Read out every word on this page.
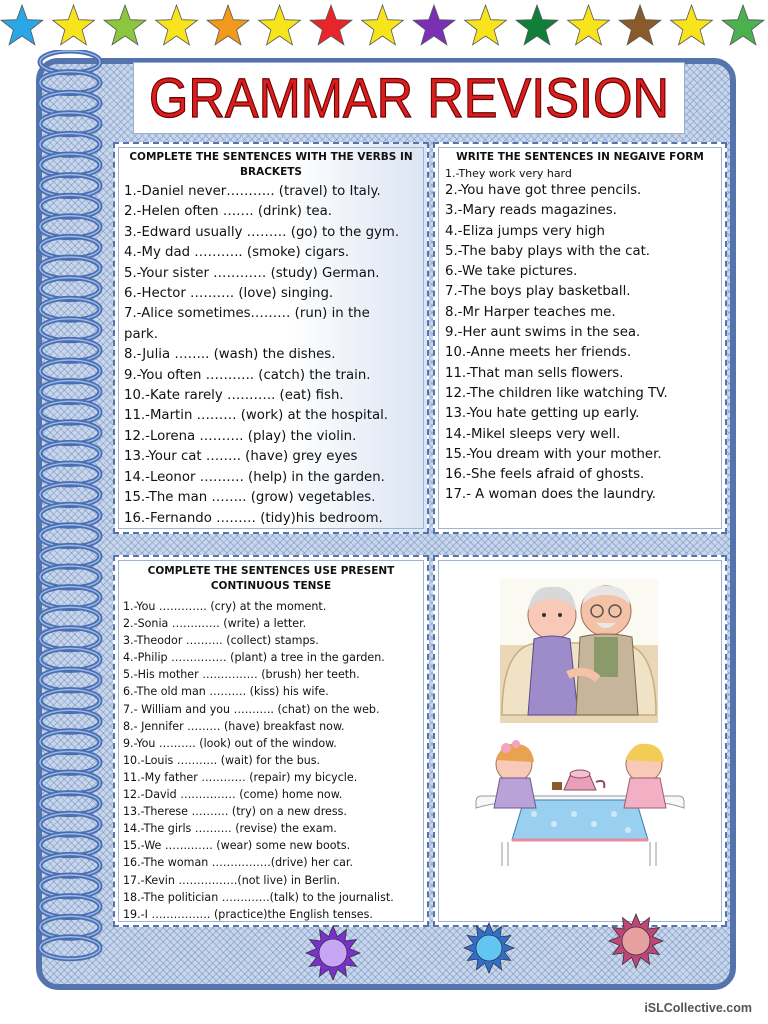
GRAMMAR REVISION
COMPLETE THE SENTENCES WITH THE VERBS IN BRACKETS
1.-Daniel never……….. (travel) to Italy.
2.-Helen often ……. (drink) tea.
3.-Edward usually ……… (go) to the gym.
4.-My dad ……….. (smoke) cigars.
5.-Your sister ………… (study) German.
6.-Hector ………. (love) singing.
7.-Alice sometimes……… (run) in the park.
8.-Julia …….. (wash) the dishes.
9.-You often ……….. (catch) the train.
10.-Kate rarely ……….. (eat) fish.
11.-Martin ……… (work) at the hospital.
12.-Lorena ………. (play) the violin.
13.-Your cat …….. (have) grey eyes
14.-Leonor ………. (help) in the garden.
15.-The man …….. (grow) vegetables.
16.-Fernando ……… (tidy)his bedroom.
WRITE THE SENTENCES IN NEGAIVE FORM
1.-They work very hard
2.-You have got three pencils.
3.-Mary reads magazines.
4.-Eliza jumps very high
5.-The baby plays with the cat.
6.-We take pictures.
7.-The boys play basketball.
8.-Mr Harper teaches me.
9.-Her aunt swims in the sea.
10.-Anne meets her friends.
11.-That man sells flowers.
12.-The children like watching TV.
13.-You hate getting up early.
14.-Mikel sleeps very well.
15.-You dream with your mother.
16.-She feels afraid of ghosts.
17.- A woman does the laundry.
COMPLETE THE SENTENCES USE PRESENT CONTINUOUS TENSE
1.-You …………. (cry) at the moment.
2.-Sonia …………. (write) a letter.
3.-Theodor ………. (collect) stamps.
4.-Philip …………… (plant) a tree in the garden.
5.-His mother …………… (brush) her teeth.
6.-The old man ………. (kiss) his wife.
7.- William and you ……….. (chat) on the web.
8.- Jennifer ……… (have) breakfast now.
9.-You ………. (look) out of the window.
10.-Louis ……….. (wait) for the bus.
11.-My father ………… (repair) my bicycle.
12.-David …………… (come) home now.
13.-Therese ………. (try) on a new dress.
14.-The girls ………. (revise) the exam.
15.-We …………. (wear) some new boots.
16.-The woman …………….(drive) her car.
17.-Kevin …………….(not live) in Berlin.
18.-The politician ………….(talk) to the journalist.
19.-I ……………. (practice)the English tenses.
iSLCollective.com
